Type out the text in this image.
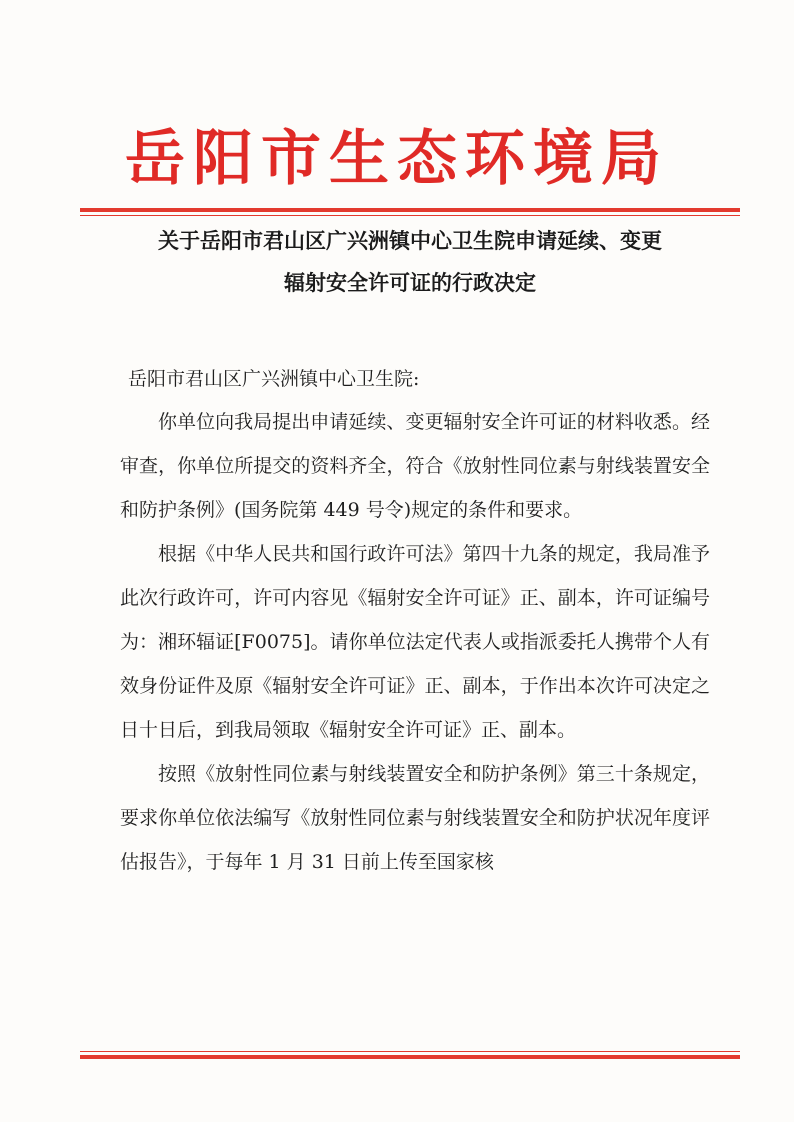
岳阳市生态环境局
关于岳阳市君山区广兴洲镇中心卫生院申请延续、变更
辐射安全许可证的行政决定
岳阳市君山区广兴洲镇中心卫生院:

你单位向我局提出申请延续、变更辐射安全许可证的材料收悉。经审查，你单位所提交的资料齐全，符合《放射性同位素与射线装置安全和防护条例》(国务院第 449 号令)规定的条件和要求。

根据《中华人民共和国行政许可法》第四十九条的规定，我局准予此次行政许可，许可内容见《辐射安全许可证》正、副本，许可证编号为：湘环辐证[F0075]。请你单位法定代表人或指派委托人携带个人有效身份证件及原《辐射安全许可证》正、副本，于作出本次许可决定之日十日后，到我局领取《辐射安全许可证》正、副本。

按照《放射性同位素与射线装置安全和防护条例》第三十条规定，要求你单位依法编写《放射性同位素与射线装置安全和防护状况年度评估报告》，于每年 1 月 31 日前上传至国家核
